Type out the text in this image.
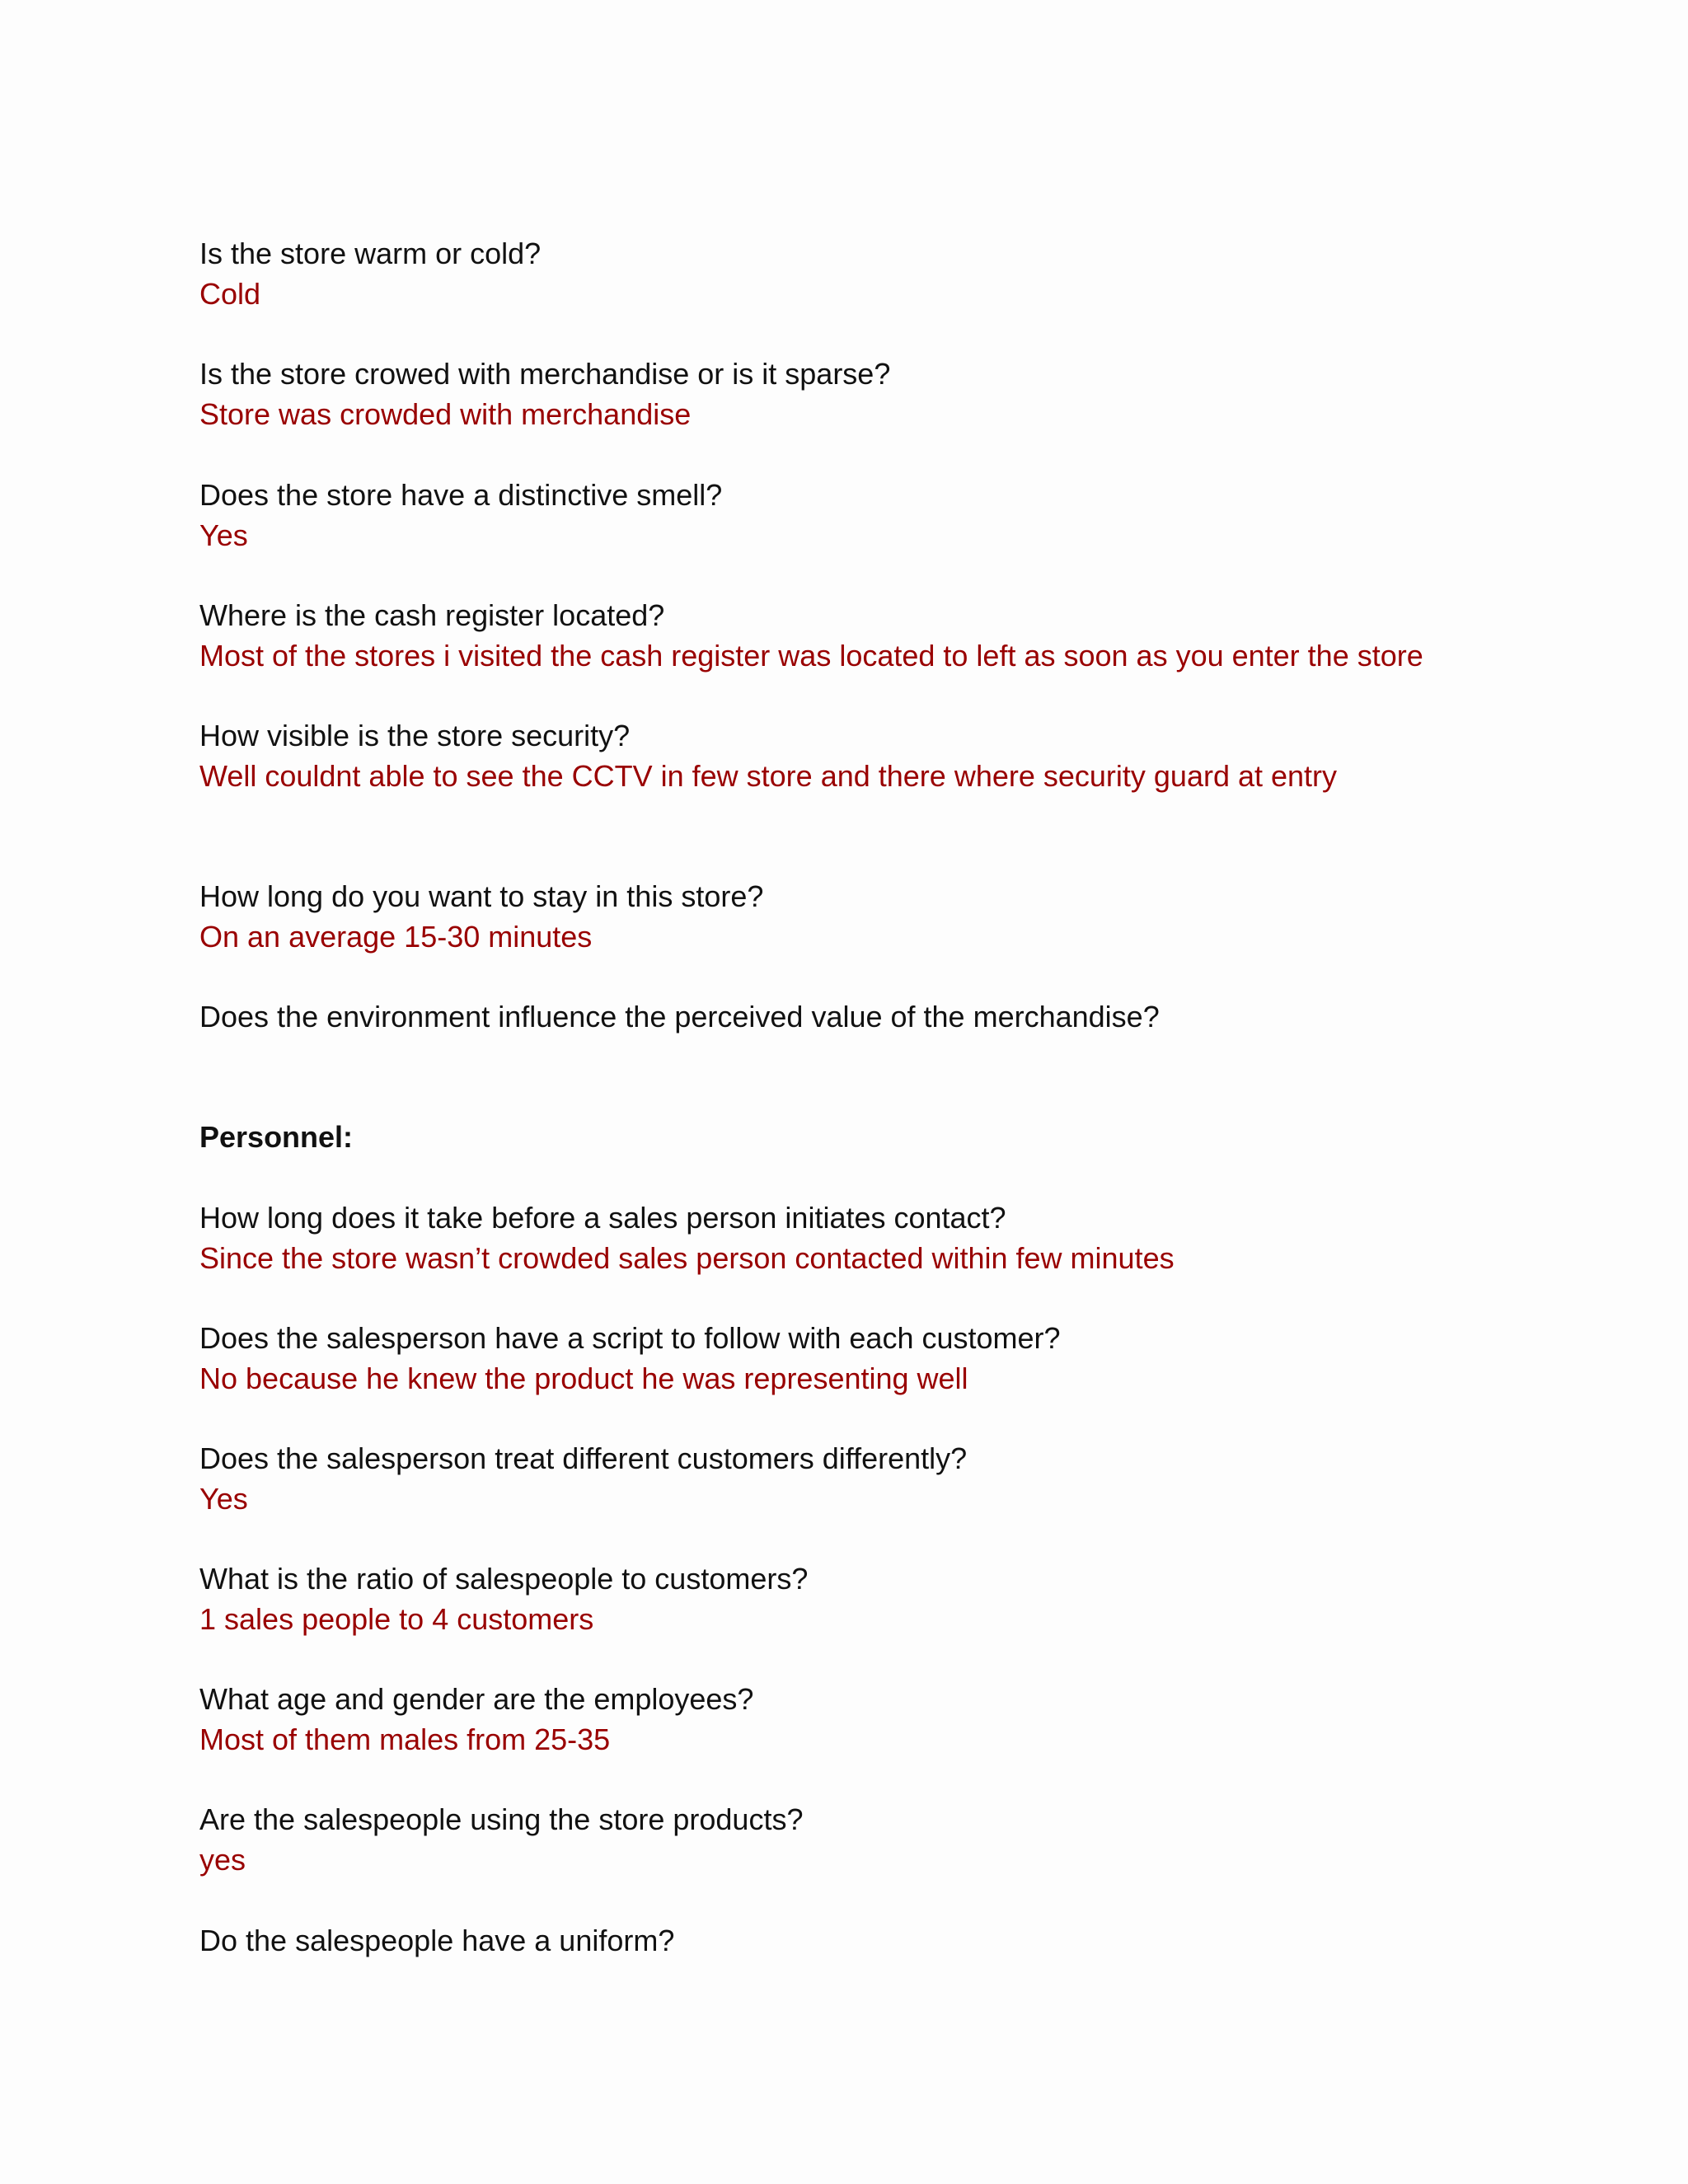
Is the store warm or cold?

Cold

Is the store crowed with merchandise or is it sparse?

Store was crowded with merchandise

Does the store have a distinctive smell?

Yes

Where is the cash register located?

Most of the stores i visited the cash register was located to left as soon as you enter the store

How visible is the store security?

Well couldnt able to see the CCTV in few store and there where security guard at entry

How long do you want to stay in this store?

On an average 15-30 minutes

Does the environment influence the perceived value of the merchandise?

Personnel:

How long does it take before a sales person initiates contact?

Since the store wasn’t crowded sales person contacted within few minutes

Does the salesperson have a script to follow with each customer?

No because he knew the product he was representing well

Does the salesperson treat different customers differently?

Yes

What is the ratio of salespeople to customers?

1 sales people to 4 customers

What age and gender are the employees?

Most of them males from 25-35

Are the salespeople using the store products?

yes

Do the salespeople have a uniform?
